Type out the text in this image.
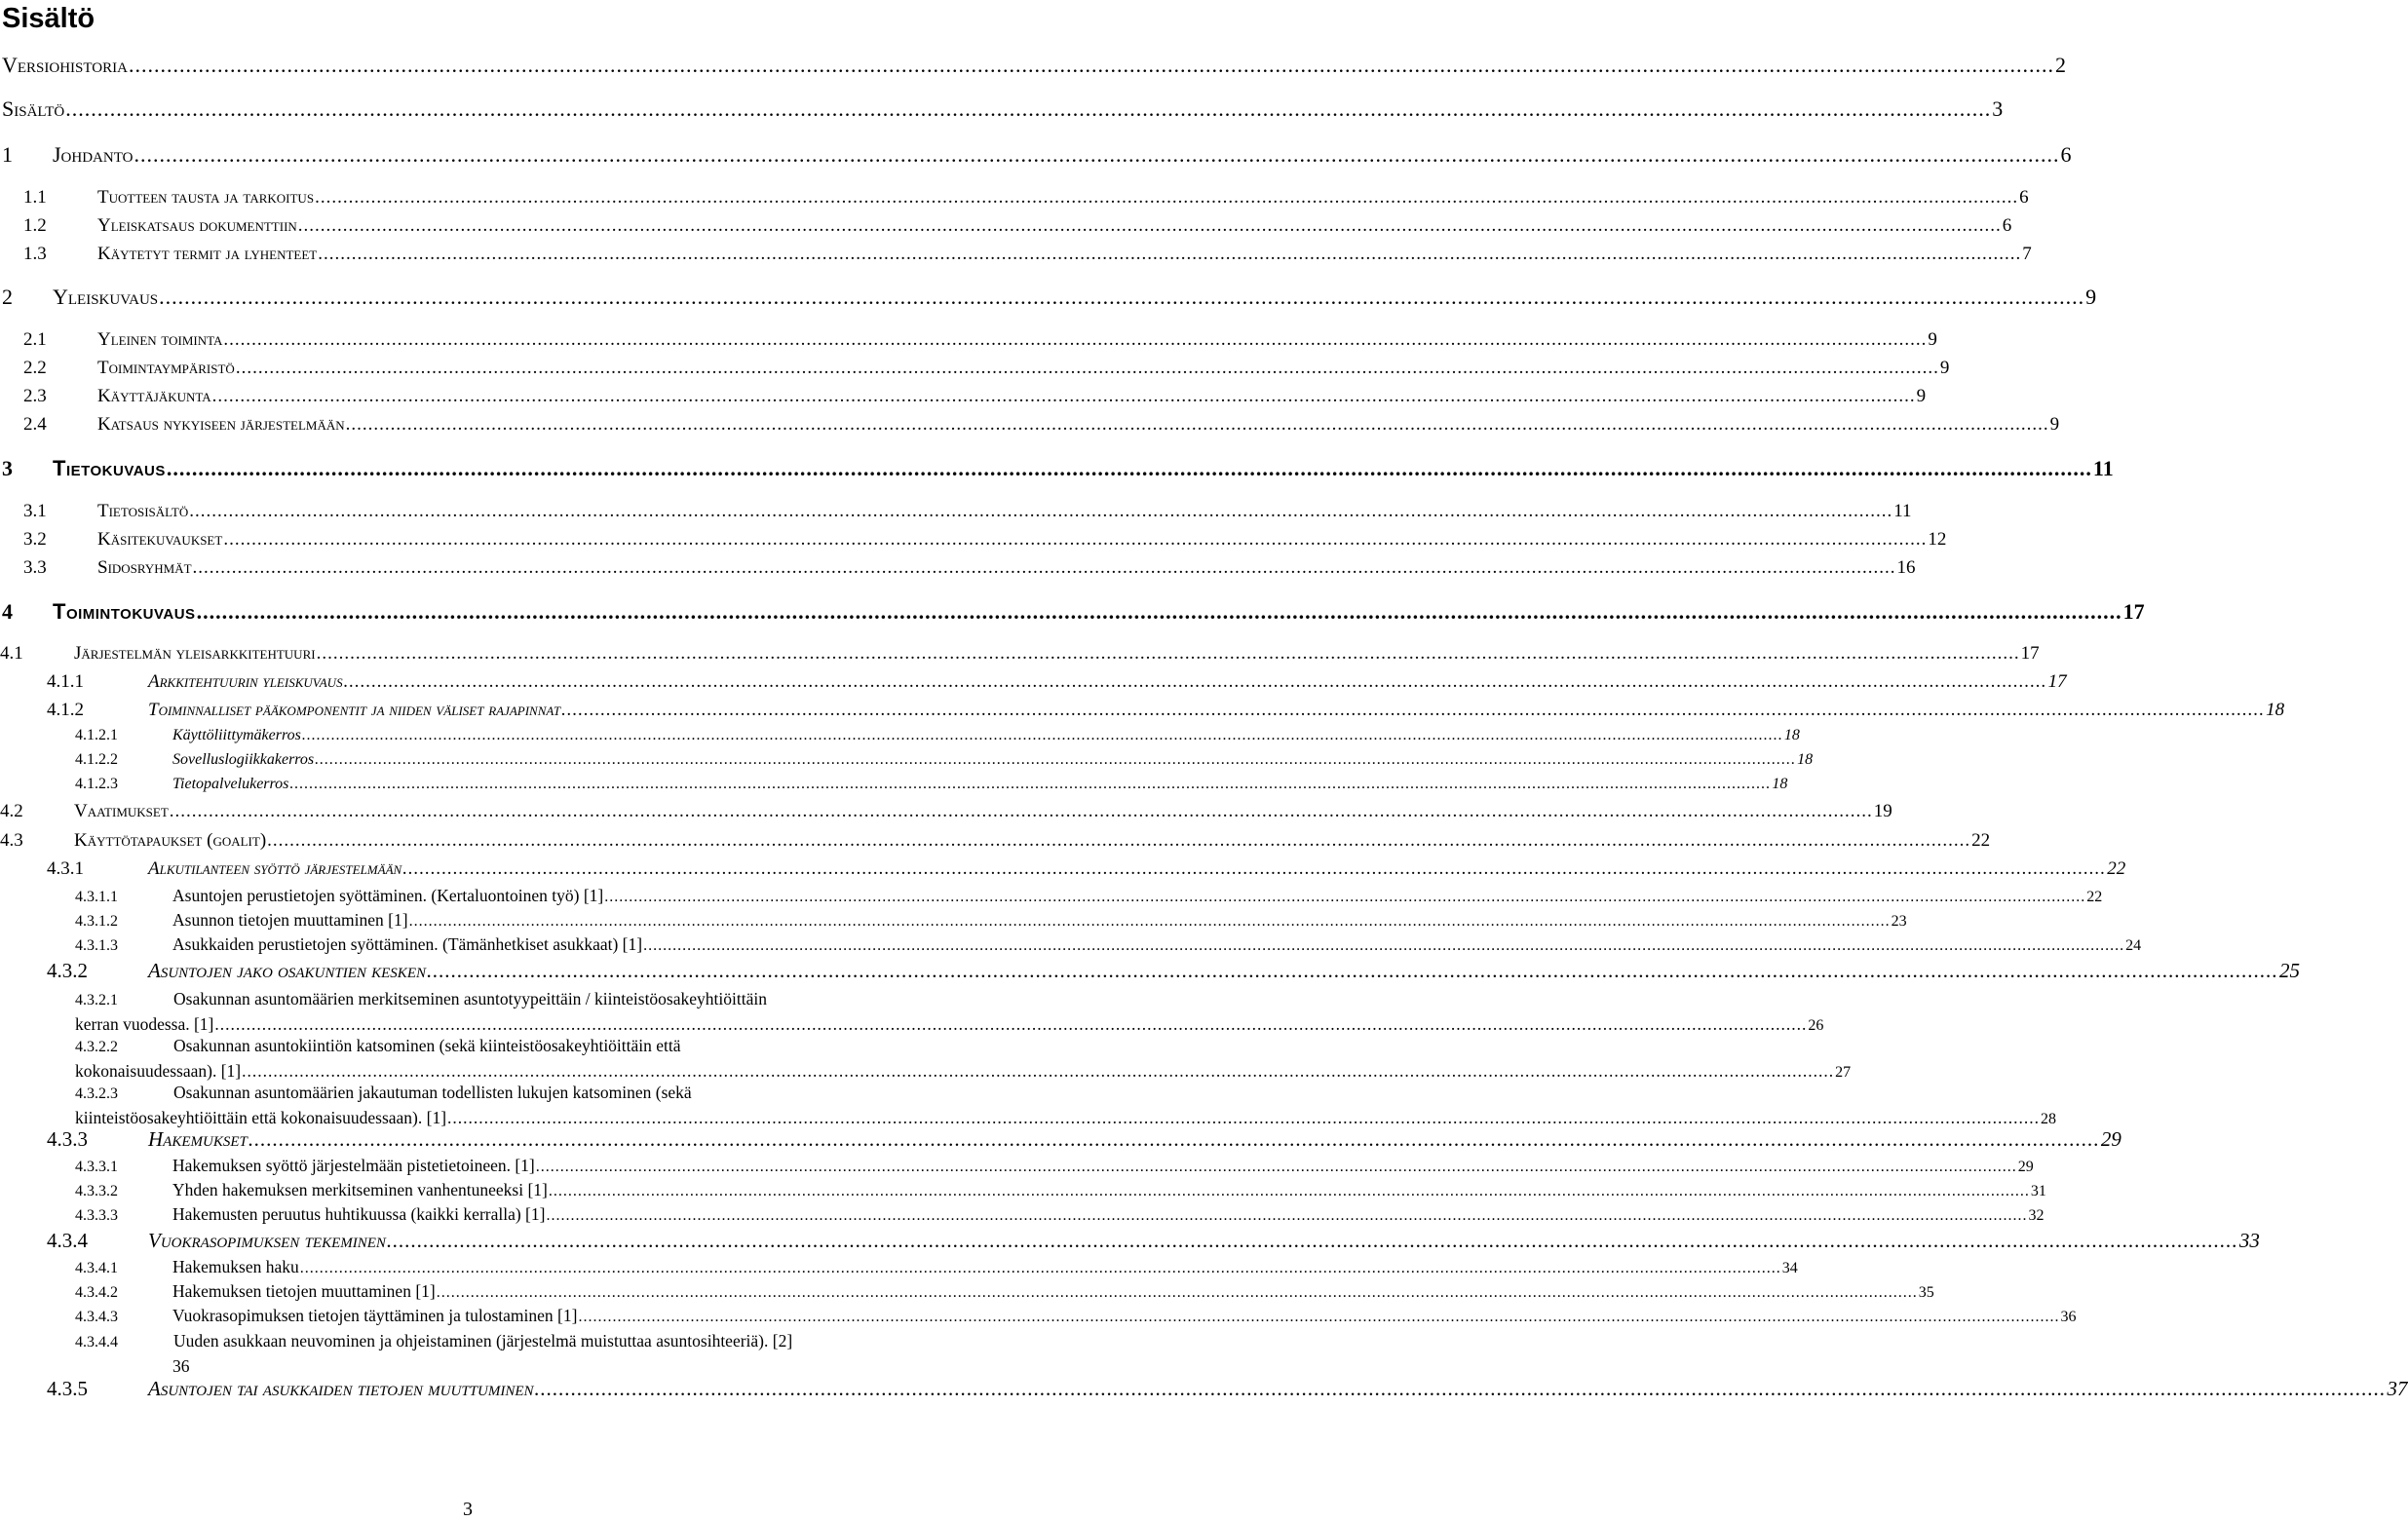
Sisältö
Versiohistoria .....	2
Sisältö .....	3
1	Johdanto .....	6
1.1	Tuotteen tausta ja tarkoitus .....	6
1.2	Yleiskatsaus dokumenttiin .....	6
1.3	Käytetyt termit ja lyhenteet .....	7
2	Yleiskuvaus .....	9
2.1	Yleinen toiminta .....	9
2.2	Toimintaympäristö .....	9
2.3	Käyttäjäkunta .....	9
2.4	Katsaus nykyiseen järjestelmään .....	9
3	Tietokuvaus .....	11
3.1	Tietosisältö .....	11
3.2	Käsitekuvaukset .....	12
3.3	Sidosryhmät .....	16
4	Toimintokuvaus .....	17
4.1	Järjestelmän yleisarkkitehtuuri .....	17
4.1.1	Arkkitehtuurin yleiskuvaus .....	17
4.1.2	Toiminnalliset pääkomponentit ja niiden väliset rajapinnat .....	18
4.1.2.1	Käyttöliittymäkerros .....	18
4.1.2.2	Sovelluslogiikkakerros .....	18
4.1.2.3	Tietopalvelukerros .....	18
4.2	Vaatimukset .....	19
4.3	Käyttötapaukset (goalit) .....	22
4.3.1	Alkutilanteen syöttö järjestelmään .....	22
4.3.1.1	Asuntojen perustietojen syöttäminen. (Kertaluontoinen työ) [1] .....	22
4.3.1.2	Asunnon tietojen muuttaminen [1] .....	23
4.3.1.3	Asukkaiden perustietojen syöttäminen. (Tämänhetkiset asukkaat) [1] .....	24
4.3.2	Asuntojen jako osakuntien kesken .....	25
4.3.2.1	Osakunnan asuntomäärien merkitseminen asuntotyypeittäin / kiinteistöosakeyhtiöittäin
kerran vuodessa. [1] .....	26
4.3.2.2	Osakunnan asuntokiintiön katsominen (sekä kiinteistöosakeyhtiöittäin että
kokonaisuudessaan). [1] .....	27
4.3.2.3	Osakunnan asuntomäärien jakautuman todellisten lukujen katsominen (sekä
kiinteistöosakeyhtiöittäin että kokonaisuudessaan). [1] .....	28
4.3.3	Hakemukset .....	29
4.3.3.1	Hakemuksen syöttö järjestelmään pistetietoineen. [1] .....	29
4.3.3.2	Yhden hakemuksen merkitseminen vanhentuneeksi [1] .....	31
4.3.3.3	Hakemusten peruutus huhtikuussa (kaikki kerralla) [1] .....	32
4.3.4	Vuokrasopimuksen tekeminen .....	33
4.3.4.1	Hakemuksen haku .....	34
4.3.4.2	Hakemuksen tietojen muuttaminen [1] .....	35
4.3.4.3	Vuokrasopimuksen tietojen täyttäminen ja tulostaminen [1] .....	36
4.3.4.4	Uuden asukkaan neuvominen ja ohjeistaminen (järjestelmä muistuttaa asuntosihteeriä). [2]
36
4.3.5	Asuntojen tai asukkaiden tietojen muuttuminen .....	37
3
